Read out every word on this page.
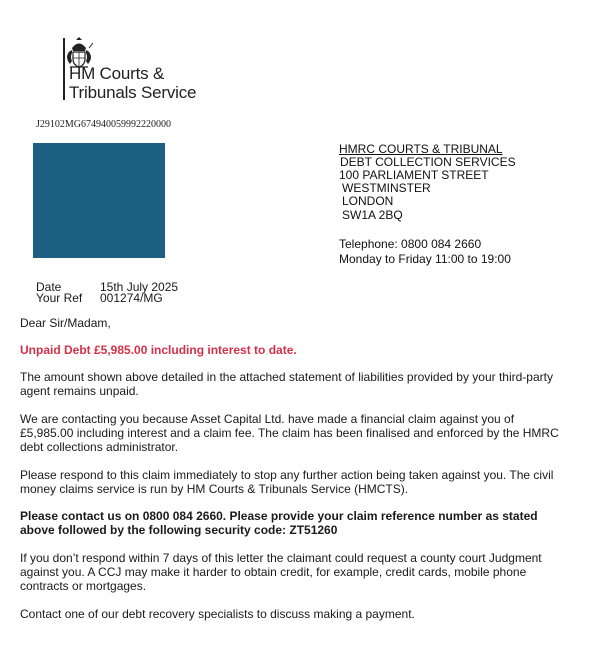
HM Courts &
Tribunals Service
J29102MG674940059992220000
HMRC COURTS & TRIBUNAL
DEBT COLLECTION SERVICES
100 PARLIAMENT STREET
WESTMINSTER
LONDON
SW1A 2BQ
Telephone: 0800 084 2660
Monday to Friday 11:00 to 19:00
Date	15th July 2025
Your Ref 001274/MG
Dear Sir/Madam,
Unpaid Debt £5,985.00 including interest to date.
The amount shown above detailed in the attached statement of liabilities provided by your third-party agent remains unpaid.
We are contacting you because Asset Capital Ltd. have made a financial claim against you of £5,985.00 including interest and a claim fee. The claim has been finalised and enforced by the HMRC debt collections administrator.
Please respond to this claim immediately to stop any further action being taken against you. The civil money claims service is run by HM Courts & Tribunals Service (HMCTS).
Please contact us on 0800 084 2660. Please provide your claim reference number as stated above followed by the following security code: ZT51260
If you don’t respond within 7 days of this letter the claimant could request a county court Judgment against you. A CCJ may make it harder to obtain credit, for example, credit cards, mobile phone contracts or mortgages.
Contact one of our debt recovery specialists to discuss making a payment.
